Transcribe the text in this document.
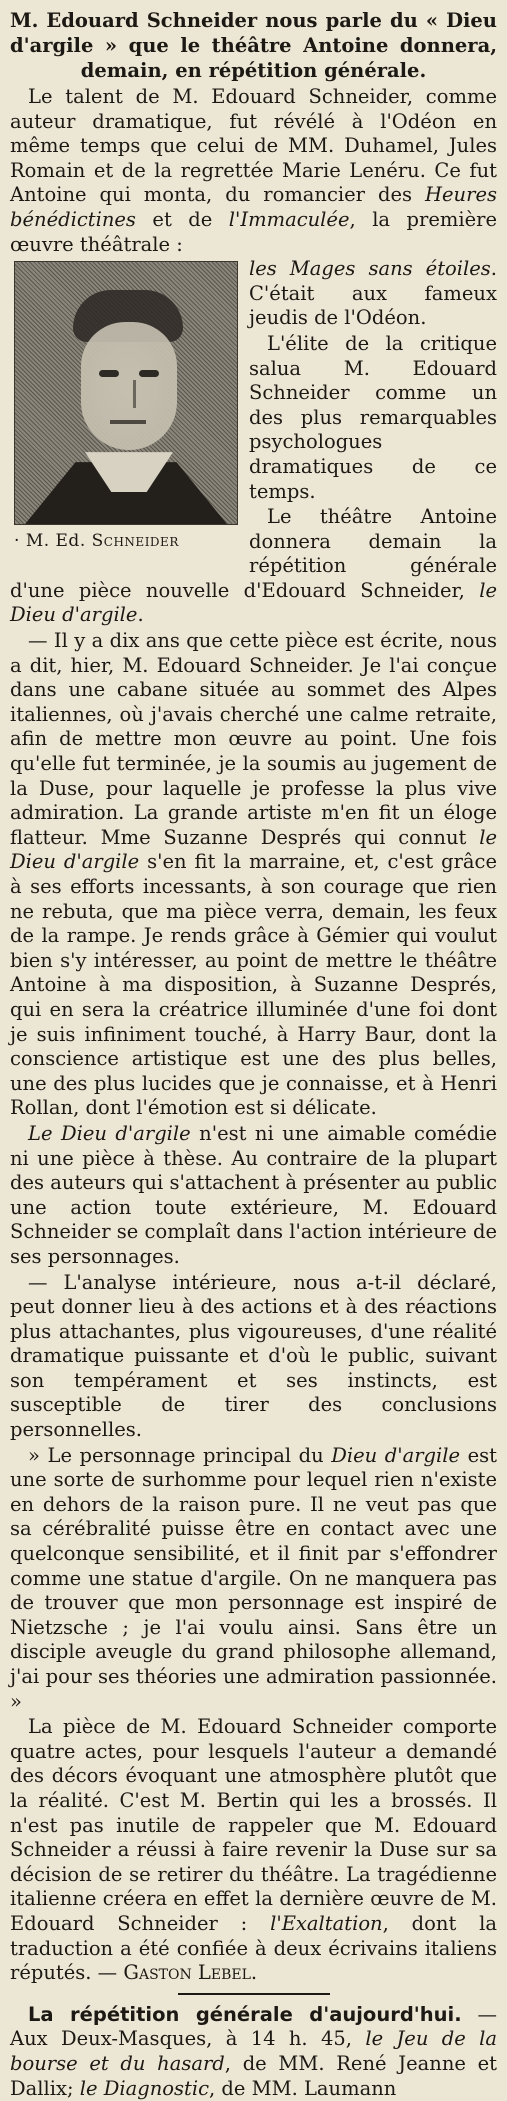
M. Edouard Schneider nous parle du « Dieu d'argile » que le théâtre Antoine donnera, demain, en répétition générale.

Le talent de M. Edouard Schneider, comme auteur dramatique, fut révélé à l'Odéon en même temps que celui de MM. Duhamel, Jules Romain et de la regrettée Marie Lenéru. Ce fut Antoine qui monta, du romancier des Heures bénédictines et de l'Immaculée, la première œuvre théâtrale :

· M. Ed. Schneider
les Mages sans étoiles. C'était aux fameux jeudis de l'Odéon.

L'élite de la critique salua M. Edouard Schneider comme un des plus remarquables psychologues dramatiques de ce temps.

Le théâtre Antoine donnera demain la répétition générale d'une pièce nouvelle d'Edouard Schneider, le Dieu d'argile.

— Il y a dix ans que cette pièce est écrite, nous a dit, hier, M. Edouard Schneider. Je l'ai conçue dans une cabane située au sommet des Alpes italiennes, où j'avais cherché une calme retraite, afin de mettre mon œuvre au point. Une fois qu'elle fut terminée, je la soumis au jugement de la Duse, pour laquelle je professe la plus vive admiration. La grande artiste m'en fit un éloge flatteur. Mme Suzanne Després qui connut le Dieu d'argile s'en fit la marraine, et, c'est grâce à ses efforts incessants, à son courage que rien ne rebuta, que ma pièce verra, demain, les feux de la rampe. Je rends grâce à Gémier qui voulut bien s'y intéresser, au point de mettre le théâtre Antoine à ma disposition, à Suzanne Després, qui en sera la créatrice illuminée d'une foi dont je suis infiniment touché, à Harry Baur, dont la conscience artistique est une des plus belles, une des plus lucides que je connaisse, et à Henri Rollan, dont l'émotion est si délicate.

Le Dieu d'argile n'est ni une aimable comédie ni une pièce à thèse. Au contraire de la plupart des auteurs qui s'attachent à présenter au public une action toute extérieure, M. Edouard Schneider se complaît dans l'action intérieure de ses personnages.

— L'analyse intérieure, nous a-t-il déclaré, peut donner lieu à des actions et à des réactions plus attachantes, plus vigoureuses, d'une réalité dramatique puissante et d'où le public, suivant son tempérament et ses instincts, est susceptible de tirer des conclusions personnelles.

» Le personnage principal du Dieu d'argile est une sorte de surhomme pour lequel rien n'existe en dehors de la raison pure. Il ne veut pas que sa cérébralité puisse être en contact avec une quelconque sensibilité, et il finit par s'effondrer comme une statue d'argile. On ne manquera pas de trouver que mon personnage est inspiré de Nietzsche ; je l'ai voulu ainsi. Sans être un disciple aveugle du grand philosophe allemand, j'ai pour ses théories une admiration passionnée. »

La pièce de M. Edouard Schneider comporte quatre actes, pour lesquels l'auteur a demandé des décors évoquant une atmosphère plutôt que la réalité. C'est M. Bertin qui les a brossés. Il n'est pas inutile de rappeler que M. Edouard Schneider a réussi à faire revenir la Duse sur sa décision de se retirer du théâtre. La tragédienne italienne créera en effet la dernière œuvre de M. Edouard Schneider : l'Exaltation, dont la traduction a été confiée à deux écrivains italiens réputés. — Gaston Lebel.

La répétition générale d'aujourd'hui. — Aux Deux-Masques, à 14 h. 45, le Jeu de la bourse et du hasard, de MM. René Jeanne et Dallix; le Diagnostic, de MM. Laumann
